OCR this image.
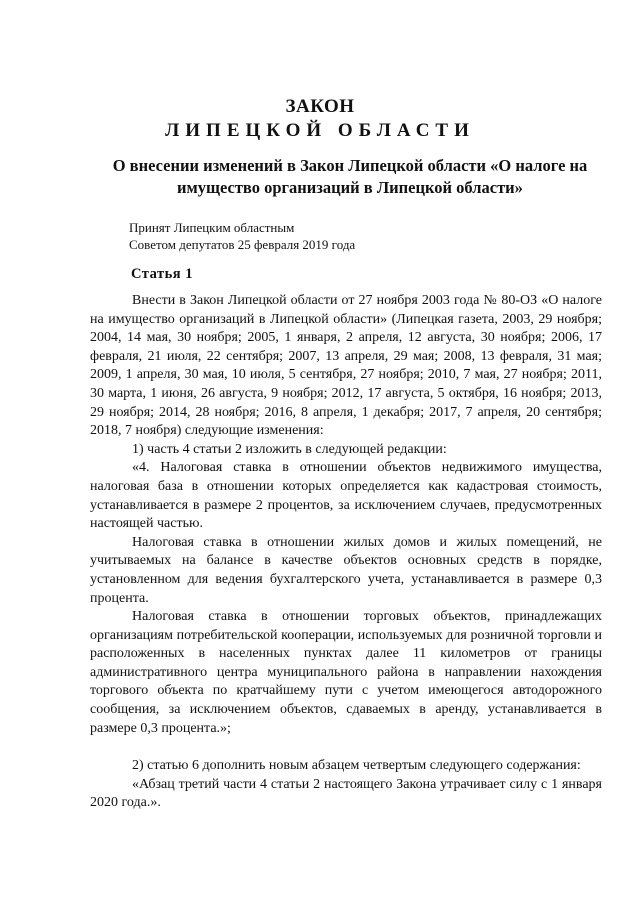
ЗАКОН
ЛИПЕЦКОЙ ОБЛАСТИ
О внесении изменений в Закон Липецкой области «О налоге на имущество организаций в Липецкой области»
Принят Липецким областным
Советом депутатов 25 февраля 2019 года
Статья 1

Внести в Закон Липецкой области от 27 ноября 2003 года № 80-ОЗ «О налоге на имущество организаций в Липецкой области» (Липецкая газета, 2003, 29 ноября; 2004, 14 мая, 30 ноября; 2005, 1 января, 2 апреля, 12 августа, 30 ноября; 2006, 17 февраля, 21 июля, 22 сентября; 2007, 13 апреля, 29 мая; 2008, 13 февраля, 31 мая; 2009, 1 апреля, 30 мая, 10 июля, 5 сентября, 27 ноября; 2010, 7 мая, 27 ноября; 2011, 30 марта, 1 июня, 26 августа, 9 ноября; 2012, 17 августа, 5 октября, 16 ноября; 2013, 29 ноября; 2014, 28 ноября; 2016, 8 апреля, 1 декабря; 2017, 7 апреля, 20 сентября; 2018, 7 ноября) следующие изменения:

1) часть 4 статьи 2 изложить в следующей редакции:

«4. Налоговая ставка в отношении объектов недвижимого имущества, налоговая база в отношении которых определяется как кадастровая стоимость, устанавливается в размере 2 процентов, за исключением случаев, предусмотренных настоящей частью.

Налоговая ставка в отношении жилых домов и жилых помещений, не учитываемых на балансе в качестве объектов основных средств в порядке, установленном для ведения бухгалтерского учета, устанавливается в размере 0,3 процента.

Налоговая ставка в отношении торговых объектов, принадлежащих организациям потребительской кооперации, используемых для розничной торговли и расположенных в населенных пунктах далее 11 километров от границы административного центра муниципального района в направлении нахождения торгового объекта по кратчайшему пути с учетом имеющегося автодорожного сообщения, за исключением объектов, сдаваемых в аренду, устанавливается в размере 0,3 процента.»;

2) статью 6 дополнить новым абзацем четвертым следующего содержания:

«Абзац третий части 4 статьи 2 настоящего Закона утрачивает силу с 1 января 2020 года.».
